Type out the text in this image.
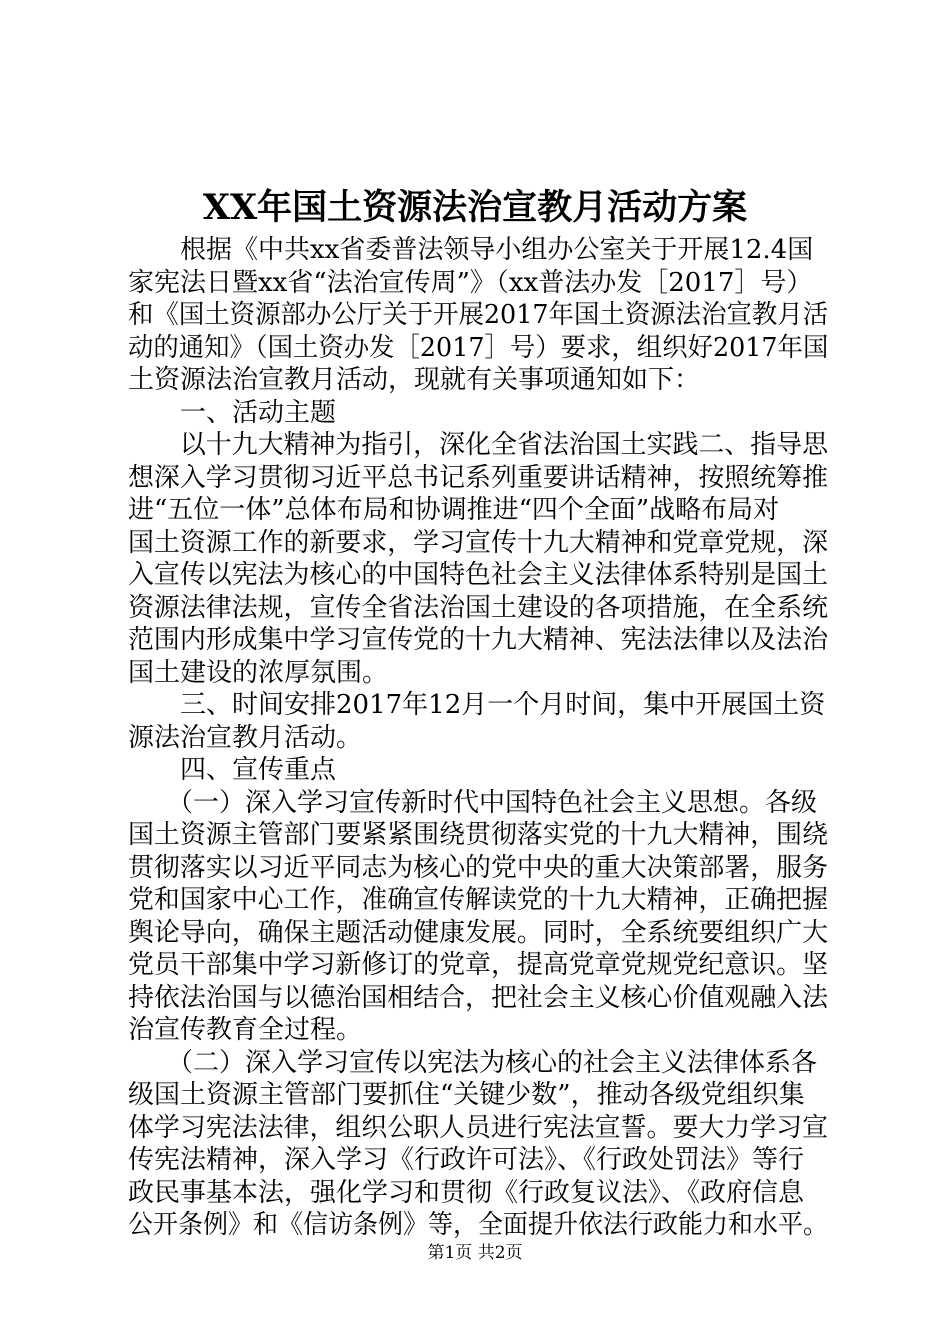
XX年国土资源法治宣教月活动方案
　　根据《中共xx省委普法领导小组办公室关于开展12.4国
家宪法日暨xx省“法治宣传周”》（xx普法办发［2017］号）
和《国土资源部办公厅关于开展2017年国土资源法治宣教月活
动的通知》（国土资办发［2017］号）要求，组织好2017年国
土资源法治宣教月活动，现就有关事项通知如下：
　　一、活动主题
　　以十九大精神为指引，深化全省法治国土实践二、指导思
想深入学习贯彻习近平总书记系列重要讲话精神，按照统筹推
进“五位一体”总体布局和协调推进“四个全面”战略布局对
国土资源工作的新要求，学习宣传十九大精神和党章党规，深
入宣传以宪法为核心的中国特色社会主义法律体系特别是国土
资源法律法规，宣传全省法治国土建设的各项措施，在全系统
范围内形成集中学习宣传党的十九大精神、宪法法律以及法治
国土建设的浓厚氛围。
　　三、时间安排2017年12月一个月时间，集中开展国土资
源法治宣教月活动。
　　四、宣传重点
　　（一）深入学习宣传新时代中国特色社会主义思想。各级
国土资源主管部门要紧紧围绕贯彻落实党的十九大精神，围绕
贯彻落实以习近平同志为核心的党中央的重大决策部署，服务
党和国家中心工作，准确宣传解读党的十九大精神，正确把握
舆论导向，确保主题活动健康发展。同时，全系统要组织广大
党员干部集中学习新修订的党章，提高党章党规党纪意识。坚
持依法治国与以德治国相结合，把社会主义核心价值观融入法
治宣传教育全过程。
　　（二）深入学习宣传以宪法为核心的社会主义法律体系各
级国土资源主管部门要抓住“关键少数”，推动各级党组织集
体学习宪法法律，组织公职人员进行宪法宣誓。要大力学习宣
传宪法精神，深入学习《行政许可法》、《行政处罚法》等行
政民事基本法，强化学习和贯彻《行政复议法》、《政府信息
公开条例》和《信访条例》等，全面提升依法行政能力和水平。
第1页 共2页
